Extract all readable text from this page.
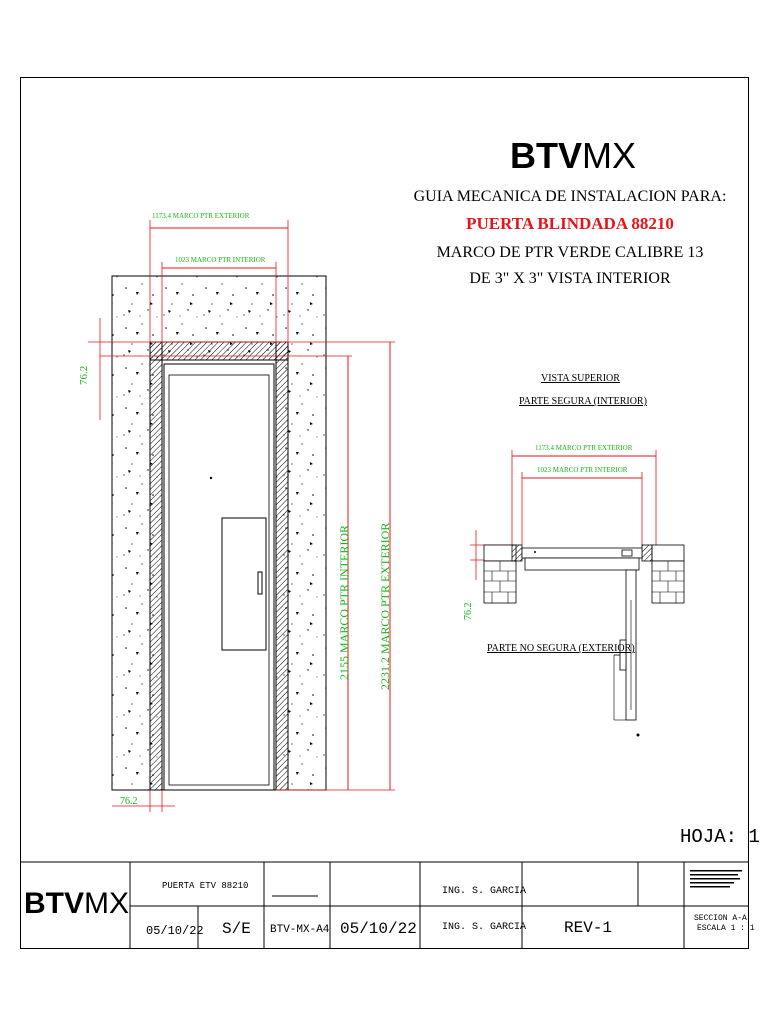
BTV MX
GUIA MECANICA DE INSTALACION PARA:
PUERTA BLINDADA 88210
MARCO DE PTR VERDE CALIBRE 13
DE 3" X 3" VISTA INTERIOR
1173.4 MARCO PTR EXTERIOR
1023 MARCO PTR INTERIOR
76.2
76.2
2155 MARCO PTR INTERIOR 2231.2 MARCO PTR EXTERIOR
VISTA SUPERIOR
PARTE SEGURA (INTERIOR)
1173.4 MARCO PTR EXTERIOR
1023 MARCO PTR INTERIOR
76.2
PARTE NO SEGURA (EXTERIOR)
HOJA: 1
BTV MX
PUERTA ETV 88210	ING. S. GARCIA
05/10/22 S/E BTV-MX-A4 05/10/22	ING. S. GARCIA REV-1
SECCION A-A
ESCALA 1 : 1
